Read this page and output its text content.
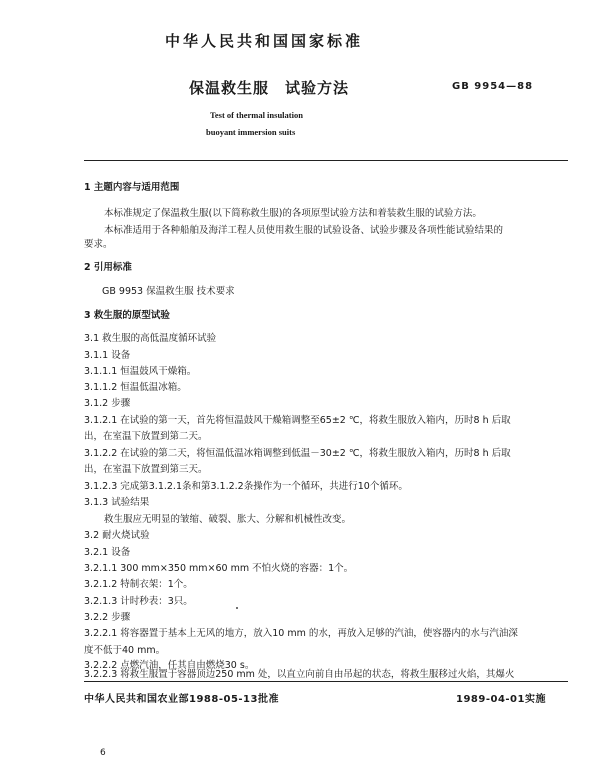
中华人民共和国国家标准
保温救生服 试验方法	GB 9954—88
Test of thermal insulation
buoyant immersion suits
1 主题内容与适用范围
本标准规定了保温救生服(以下简称救生服)的各项原型试验方法和着装救生服的试验方法。
本标准适用于各种船舶及海洋工程人员使用救生服的试验设备、试验步骤及各项性能试验结果的
要求。
2 引用标准
GB 9953 保温救生服 技术要求
3 救生服的原型试验
3.1 救生服的高低温度循环试验
3.1.1 设备
3.1.1.1 恒温鼓风干燥箱。
3.1.1.2 恒温低温冰箱。
3.1.2 步骤
3.1.2.1 在试验的第一天，首先将恒温鼓风干燥箱调整至65±2 ℃，将救生服放入箱内，历时8 h 后取
出，在室温下放置到第二天。
3.1.2.2 在试验的第二天，将恒温低温冰箱调整到低温－30±2 ℃，将救生服放入箱内，历时8 h 后取
出，在室温下放置到第三天。
3.1.2.3 完成第3.1.2.1条和第3.1.2.2条操作为一个循环，共进行10个循环。
3.1.3 试验结果
救生服应无明显的皱缩、破裂、胀大、分解和机械性改变。
3.2 耐火烧试验
3.2.1 设备
3.2.1.1 300 mm×350 mm×60 mm 不怕火烧的容器：1个。
3.2.1.2 特制衣架：1个。
3.2.1.3 计时秒表：3只。
3.2.2 步骤
3.2.2.1 将容器置于基本上无风的地方，放入10 mm 的水，再放入足够的汽油，使容器内的水与汽油深
度不低于40 mm。
3.2.2.2 点燃汽油，任其自由燃烧30 s。
3.2.2.3 将救生服置于容器顶边250 mm 处，以直立向前自由吊起的状态，将救生服移过火焰，其爆火
中华人民共和国农业部1988-05-13批准	1989-04-01实施
6
